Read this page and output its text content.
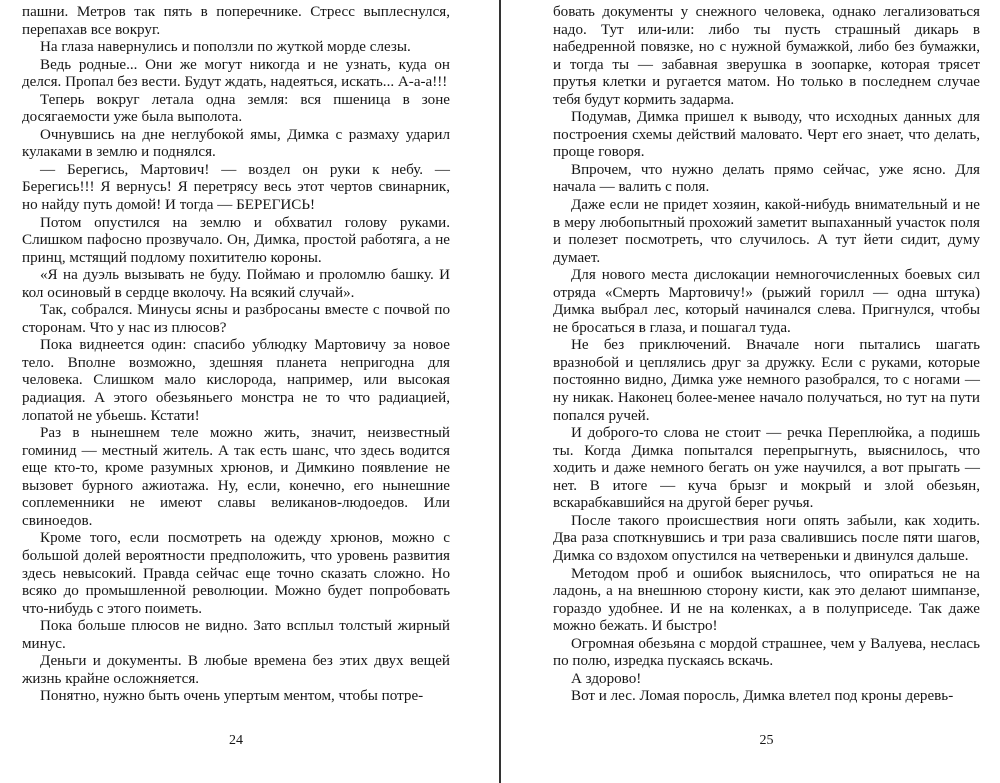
пашни. Метров так пять в поперечнике. Стресс выплеснулся, перепахав все вокруг.

На глаза навернулись и поползли по жуткой морде слезы.

Ведь родные... Они же могут никогда и не узнать, куда он делся. Пропал без вести. Будут ждать, надеяться, искать... А-а-а!!!

Теперь вокруг летала одна земля: вся пшеница в зоне досягаемости уже была выполота.

Очнувшись на дне неглубокой ямы, Димка с размаху ударил кулаками в землю и поднялся.

— Берегись, Мартович! — воздел он руки к небу. — Берегись!!! Я вернусь! Я перетрясу весь этот чертов свинарник, но найду путь домой! И тогда — БЕРЕГИСЬ!

Потом опустился на землю и обхватил голову руками. Слишком пафосно прозвучало. Он, Димка, простой работяга, а не принц, мстящий подлому похитителю короны.

«Я на дуэль вызывать не буду. Поймаю и проломлю башку. И кол осиновый в сердце вколочу. На всякий случай».

Так, собрался. Минусы ясны и разбросаны вместе с почвой по сторонам. Что у нас из плюсов?

Пока виднеется один: спасибо ублюдку Мартовичу за новое тело. Вполне возможно, здешняя планета непригодна для человека. Слишком мало кислорода, например, или высокая радиация. А этого обезьяньего монстра не то что радиацией, лопатой не убьешь. Кстати!

Раз в нынешнем теле можно жить, значит, неизвестный гоминид — местный житель. А так есть шанс, что здесь водится еще кто-то, кроме разумных хрюнов, и Димкино появление не вызовет бурного ажиотажа. Ну, если, конечно, его нынешние соплеменники не имеют славы великанов-людоедов. Или свиноедов.

Кроме того, если посмотреть на одежду хрюнов, можно с большой долей вероятности предположить, что уровень развития здесь невысокий. Правда сейчас еще точно сказать сложно. Но всяко до промышленной революции. Можно будет попробовать что-нибудь с этого поиметь.

Пока больше плюсов не видно. Зато всплыл толстый жирный минус.

Деньги и документы. В любые времена без этих двух вещей жизнь крайне осложняется.

Понятно, нужно быть очень упертым ментом, чтобы потре-

24

бовать документы у снежного человека, однако легализоваться надо. Тут или-или: либо ты пусть страшный дикарь в набедренной повязке, но с нужной бумажкой, либо без бумажки, и тогда ты — забавная зверушка в зоопарке, которая трясет прутья клетки и ругается матом. Но только в последнем случае тебя будут кормить задарма.

Подумав, Димка пришел к выводу, что исходных данных для построения схемы действий маловато. Черт его знает, что делать, проще говоря.

Впрочем, что нужно делать прямо сейчас, уже ясно. Для начала — валить с поля.

Даже если не придет хозяин, какой-нибудь внимательный и не в меру любопытный прохожий заметит выпаханный участок поля и полезет посмотреть, что случилось. А тут йети сидит, думу думает.

Для нового места дислокации немногочисленных боевых сил отряда «Смерть Мартовичу!» (рыжий горилл — одна штука) Димка выбрал лес, который начинался слева. Пригнулся, чтобы не бросаться в глаза, и пошагал туда.

Не без приключений. Вначале ноги пытались шагать вразнобой и цеплялись друг за дружку. Если с руками, которые постоянно видно, Димка уже немного разобрался, то с ногами — ну никак. Наконец более-менее начало получаться, но тут на пути попался ручей.

И доброго-то слова не стоит — речка Переплюйка, а подишь ты. Когда Димка попытался перепрыгнуть, выяснилось, что ходить и даже немного бегать он уже научился, а вот прыгать — нет. В итоге — куча брызг и мокрый и злой обезьян, вскарабкавшийся на другой берег ручья.

После такого происшествия ноги опять забыли, как ходить. Два раза споткнувшись и три раза свалившись после пяти шагов, Димка со вздохом опустился на четвереньки и двинулся дальше.

Методом проб и ошибок выяснилось, что опираться не на ладонь, а на внешнюю сторону кисти, как это делают шимпанзе, гораздо удобнее. И не на коленках, а в полуприседе. Так даже можно бежать. И быстро!

Огромная обезьяна с мордой страшнее, чем у Валуева, неслась по полю, изредка пускаясь вскачь.

А здорово!

Вот и лес. Ломая поросль, Димка влетел под кроны деревь-

25
